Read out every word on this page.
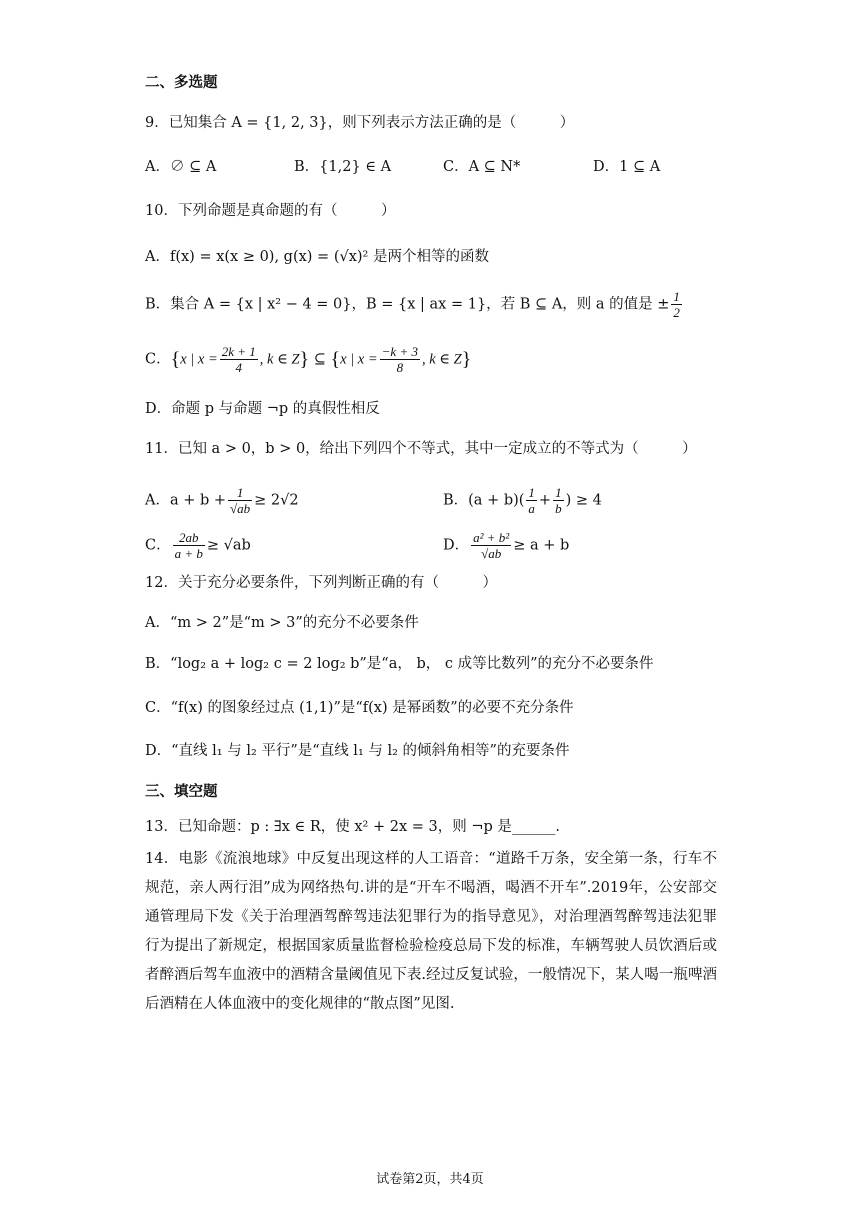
二、多选题
9．已知集合 A = {1, 2, 3}，则下列表示方法正确的是（　　　）
A．∅ ⊆ A	B．{1,2} ∈ A	C．A ⊆ N*	D．1 ⊆ A
10．下列命题是真命题的有（　　　）
A．f(x) = x(x ≥ 0), g(x) = (√x)² 是两个相等的函数
B．集合 A = {x | x² − 4 = 0}，B = {x | ax = 1}，若 B ⊆ A，则 a 的值是 ± $\frac{1}{2}$
C．{x | $x = \frac{2k + 1}{4}$ , k ∈ Z} ⊆ {x | $x = \frac{-k + 3}{8}$ , k ∈ Z}
D．命题 p 与命题 ¬p 的真假性相反
11．已知 a > 0，b > 0，给出下列四个不等式，其中一定成立的不等式为（　　　）
A．$a + b + \frac{1}{√ab} \ge 2√2$	B．$(a + b)( \frac{1}{a} + \frac{1}{b}$ ) ≥ 4
C． $\frac{2ab}{a + b} \ge √ab$	D． $\frac{\text{a² + b²}}{√ab} \ge a + b$
12．关于充分必要条件，下列判断正确的有（　　　）
A．“m > 2”是“m > 3”的充分不必要条件
B．“log₂ a + log₂ c = 2 log₂ b”是“a， b， c 成等比数列”的充分不必要条件
C．“f(x) 的图象经过点 (1,1)”是“f(x) 是幂函数”的必要不充分条件
D．“直线 l₁ 与 l₂ 平行”是“直线 l₁ 与 l₂ 的倾斜角相等”的充要条件
三、填空题
13．已知命题：p : ∃x ∈ R，使 x² + 2x = 3，则 ¬p 是______.
14．电影《流浪地球》中反复出现这样的人工语音：“道路千万条，安全第一条，行车不规范，亲人两行泪”成为网络热句.讲的是“开车不喝酒，喝酒不开车”.2019年，公安部交通管理局下发《关于治理酒驾醉驾违法犯罪行为的指导意见》，对治理酒驾醉驾违法犯罪行为提出了新规定，根据国家质量监督检验检疫总局下发的标准，车辆驾驶人员饮酒后或者醉酒后驾车血液中的酒精含量阈值见下表.经过反复试验，一般情况下，某人喝一瓶啤酒后酒精在人体血液中的变化规律的“散点图”见图.
试卷第2页，共4页
